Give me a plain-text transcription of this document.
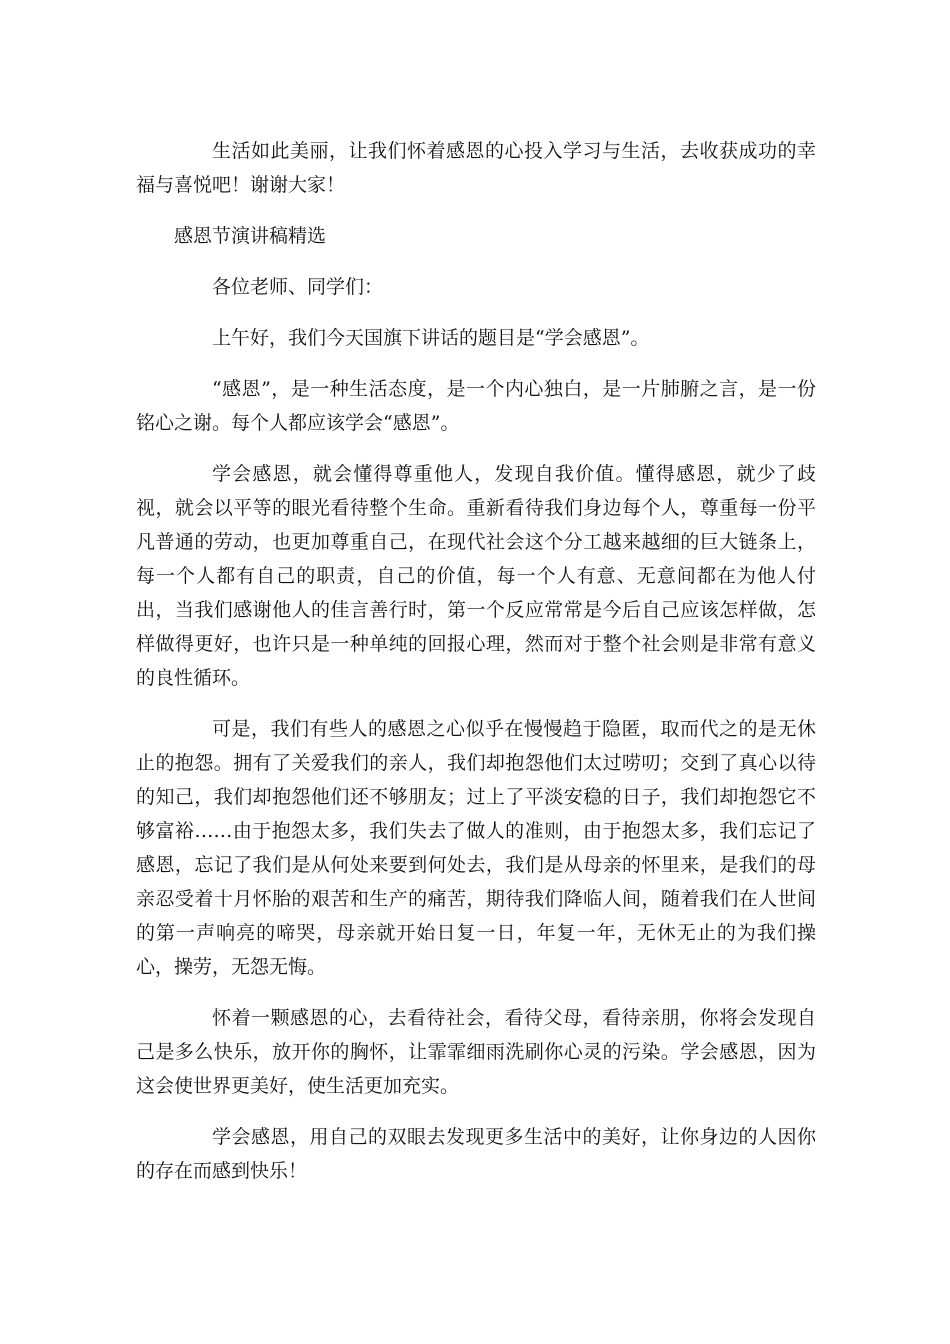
生活如此美丽，让我们怀着感恩的心投入学习与生活，去收获成功的幸福与喜悦吧！谢谢大家！

感恩节演讲稿精选

各位老师、同学们：

上午好，我们今天国旗下讲话的题目是“学会感恩”。

“感恩”，是一种生活态度，是一个内心独白，是一片肺腑之言，是一份铭心之谢。每个人都应该学会“感恩”。

学会感恩，就会懂得尊重他人，发现自我价值。懂得感恩，就少了歧视，就会以平等的眼光看待整个生命。重新看待我们身边每个人，尊重每一份平凡普通的劳动，也更加尊重自己，在现代社会这个分工越来越细的巨大链条上，每一个人都有自己的职责，自己的价值，每一个人有意、无意间都在为他人付出，当我们感谢他人的佳言善行时，第一个反应常常是今后自己应该怎样做，怎样做得更好，也许只是一种单纯的回报心理，然而对于整个社会则是非常有意义的良性循环。

可是，我们有些人的感恩之心似乎在慢慢趋于隐匿，取而代之的是无休止的抱怨。拥有了关爱我们的亲人，我们却抱怨他们太过唠叨；交到了真心以待的知己，我们却抱怨他们还不够朋友；过上了平淡安稳的日子，我们却抱怨它不够富裕……由于抱怨太多，我们失去了做人的准则，由于抱怨太多，我们忘记了感恩，忘记了我们是从何处来要到何处去，我们是从母亲的怀里来，是我们的母亲忍受着十月怀胎的艰苦和生产的痛苦，期待我们降临人间，随着我们在人世间的第一声响亮的啼哭，母亲就开始日复一日，年复一年，无休无止的为我们操心，操劳，无怨无悔。

怀着一颗感恩的心，去看待社会，看待父母，看待亲朋，你将会发现自己是多么快乐，放开你的胸怀，让霏霏细雨洗刷你心灵的污染。学会感恩，因为这会使世界更美好，使生活更加充实。

学会感恩，用自己的双眼去发现更多生活中的美好，让你身边的人因你的存在而感到快乐！
